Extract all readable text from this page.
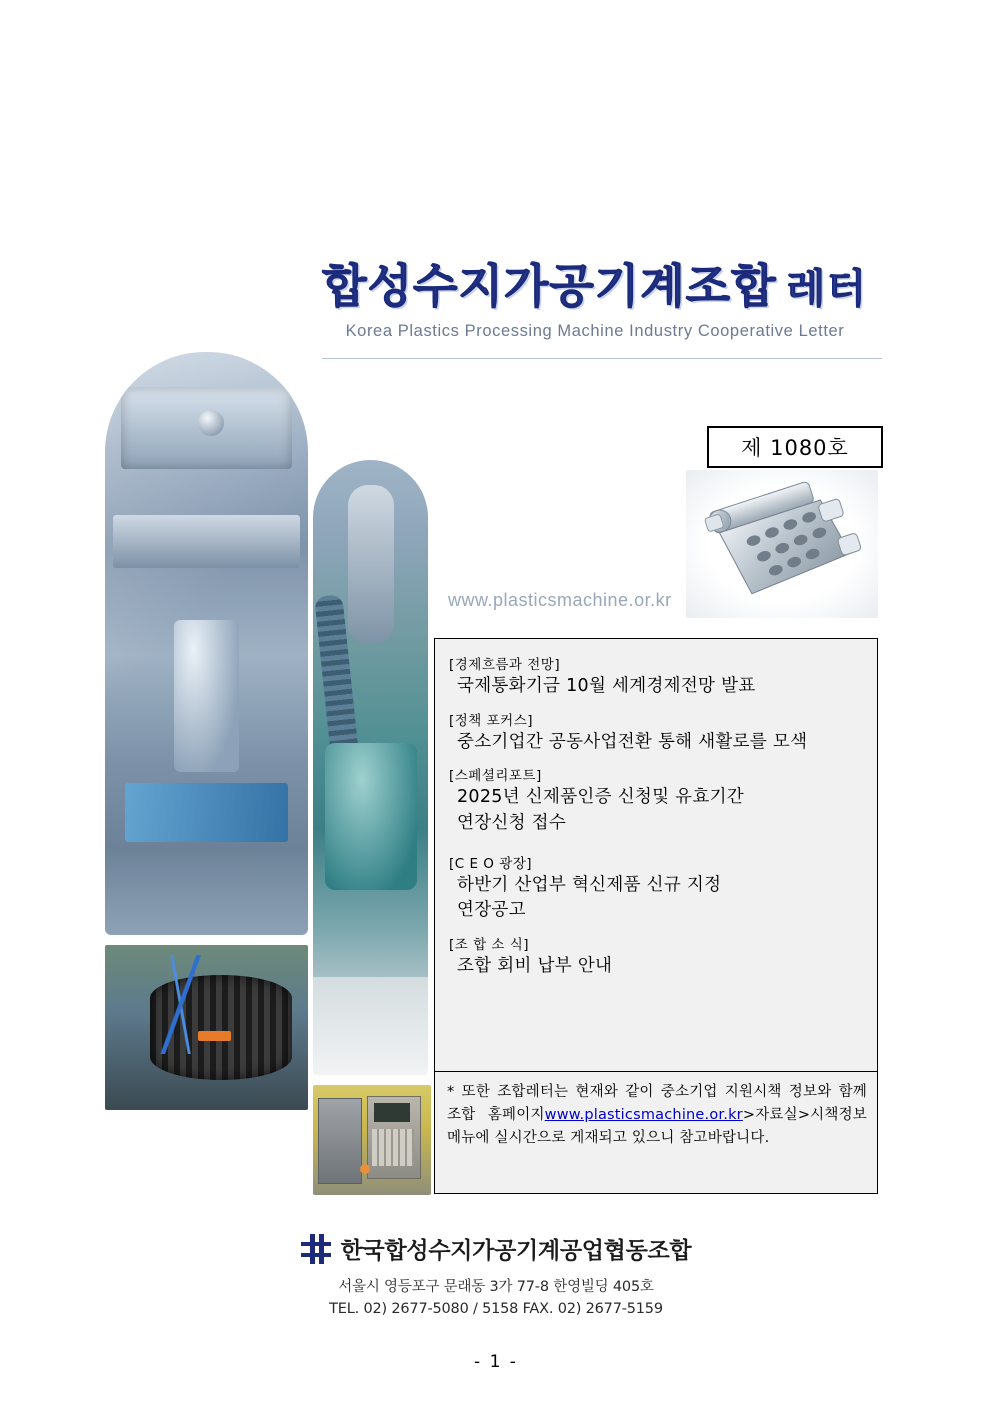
합성수지가공기계조합 레터
Korea Plastics Processing Machine Industry Cooperative Letter
제 1080호
www.plasticsmachine.or.kr
[경제흐름과 전망]
국제통화기금 10월 세계경제전망 발표
[정책 포커스]
중소기업간 공동사업전환 통해 새활로를 모색
[스페셜리포트]
2025년 신제품인증 신청및 유효기간
연장신청 접수
[C E O 광장]
하반기 산업부 혁신제품 신규 지정
연장공고
[조 합 소 식]
조합 회비 납부 안내
* 또한 조합레터는 현재와 같이 중소기업 지원시책 정보와 함께 조합 홈페이지www.plasticsmachine.or.kr>자료실>시책정보 메뉴에 실시간으로 게재되고 있으니 참고바랍니다.
한국합성수지가공기계공업협동조합
서울시 영등포구 문래동 3가 77-8 한영빌딩 405호
TEL. 02) 2677-5080 / 5158 FAX. 02) 2677-5159
- 1 -
